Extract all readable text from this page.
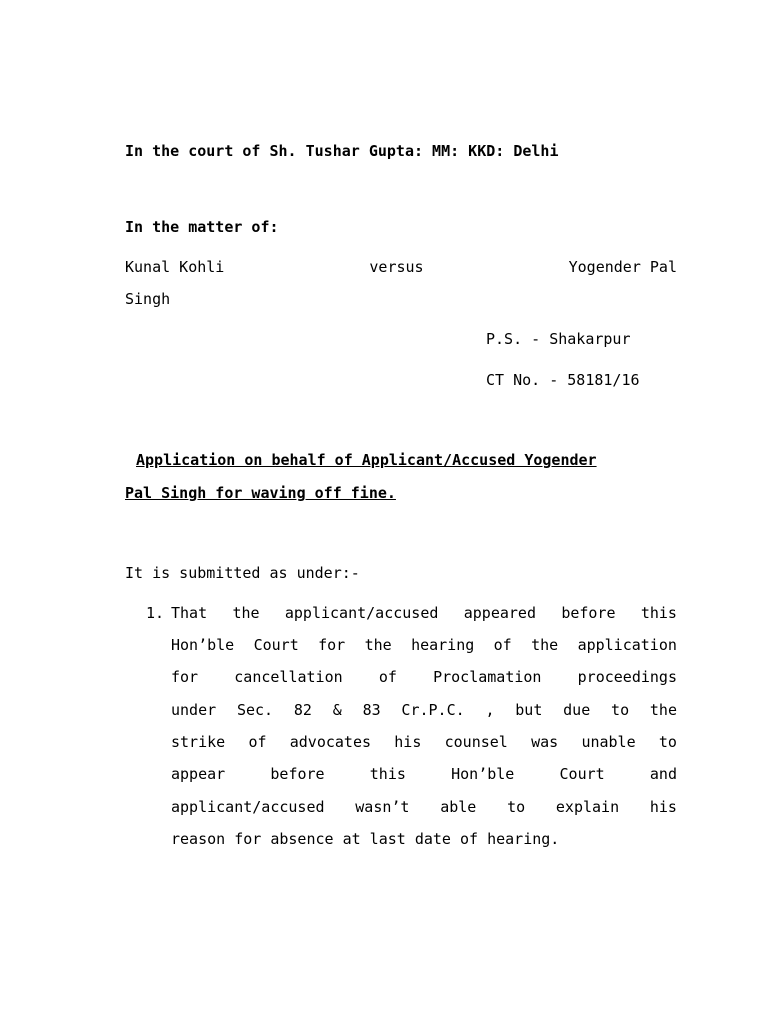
In the court of Sh. Tushar Gupta: MM: KKD: Delhi
In the matter of:
Kunal Kohli	versus	Yogender Pal
Singh
P.S. - Shakarpur
CT No. - 58181/16
Application on behalf of Applicant/Accused Yogender
Pal Singh for waving off fine.
It is submitted as under:-
1. That the applicant/accused appeared before this
Hon’ble Court for the hearing of the application
for cancellation of Proclamation proceedings
under Sec. 82 & 83 Cr.P.C. , but due to the
strike of advocates his counsel was unable to
appear	before	this	Hon’ble	Court	and
applicant/accused wasn’t able to explain his
reason for absence at last date of hearing.
